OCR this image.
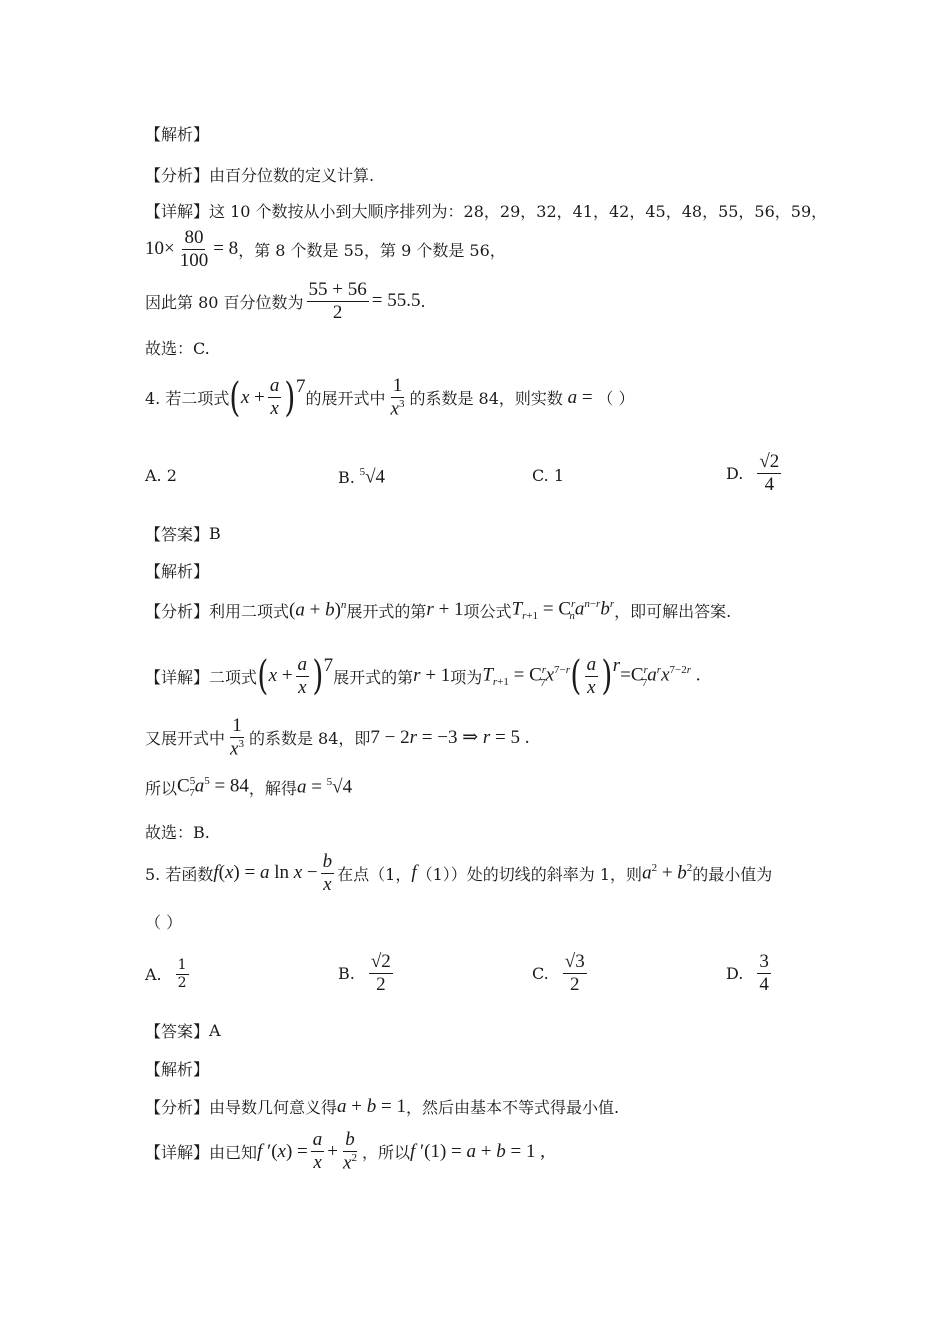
【解析】
【分析】 由百分位数的定义计算.
【详解】 这 10 个数按从小到大顺序排列为：28，29，32，41，42，45，48，55，56，59，
$10\times \frac{80}{100} = 8$ ，第 8 个数是 55，第 9 个数是 56，
因此第 80 百分位数为 $\frac{55 + 56}{2} = 55.5$ .
故选：C.
4. 若二项式 ( $x + \frac{a}{x}$ ) 7
的展开式中 $\frac{1}{x^3}$ 的系数是 84，则实数 a = （ ）
A. 2	B. $^5$√4	C. 1	D. $\frac{√2}{4}$
【答案】 B
【解析】
【分析】 利用二项式 $(a + b)^n$ 展开式的第 r + 1 项公式 $T_{r+1} = C^r_na^{n-r}b^r$ ，即可解出答案.
【详解】 二项式 ( $x + \frac{a}{x}$ ) 7
展开式的第 r + 1 项为 $T_{r+1} = C^r_7x^{7-r}$ ( $\frac{a}{x}$ ) $r =C^r_7a^rx^{7-2r}$ .
又展开式中 $\frac{1}{x^3}$ 的系数是 84，即 7 − 2r = −3 ⇒ r = 5 .
所以 $C^5_7a^5 = 84$ ，解得 a = $^5$√4
故选：B.
5. 若函数 f(x) = a $\ln x - \frac{b}{x}$ 在点（1， f （1））处的切线的斜率为 1，则 $a^2 + b^2$ 的最小值为
（ ）
A. $\frac{1}{2}$	B. $\frac{√2}{2}$	C. $\frac{√3}{2}$	D. $\frac{3}{4}$
【答案】 A
【解析】
【分析】 由导数几何意义得 a + b = 1 ，然后由基本不等式得最小值.
【详解】 由已知 f $'(x) = \frac{a}{x} + \frac{b}{x^2}$ ，所以 f ′(1) = a + b = 1 ,
